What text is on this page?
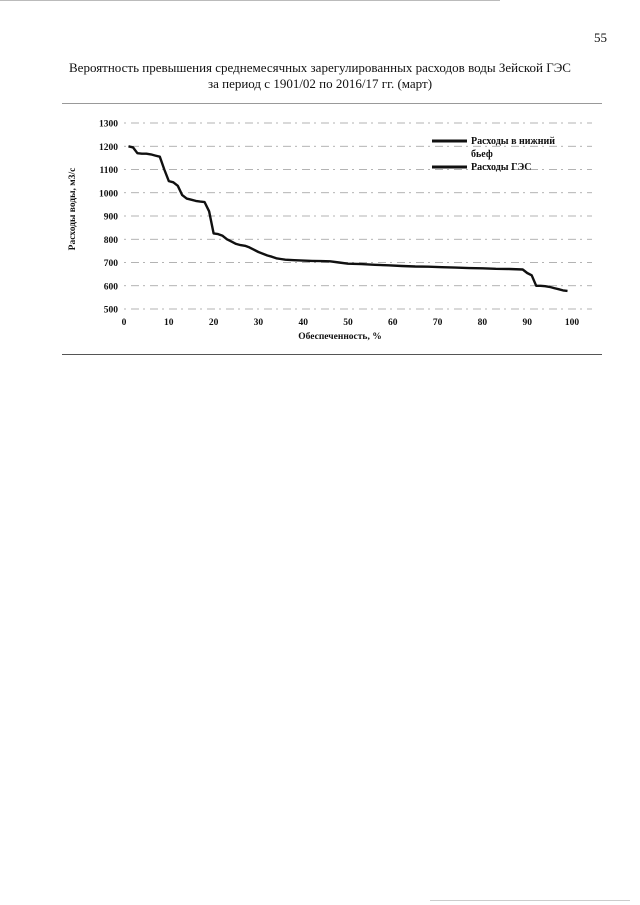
55
Вероятность превышения среднемесячных зарегулированных расходов воды Зейской ГЭС
за период с 1901/02 по 2016/17 гг. (март)
500
600
700
800
900
1000
1100
1200
1300
0	10	20	30	40	50	60	70	80	90	100
Расходы воды, м3/с
Обеспеченность, %
Расходы в нижний
бьеф
Расходы ГЭС
